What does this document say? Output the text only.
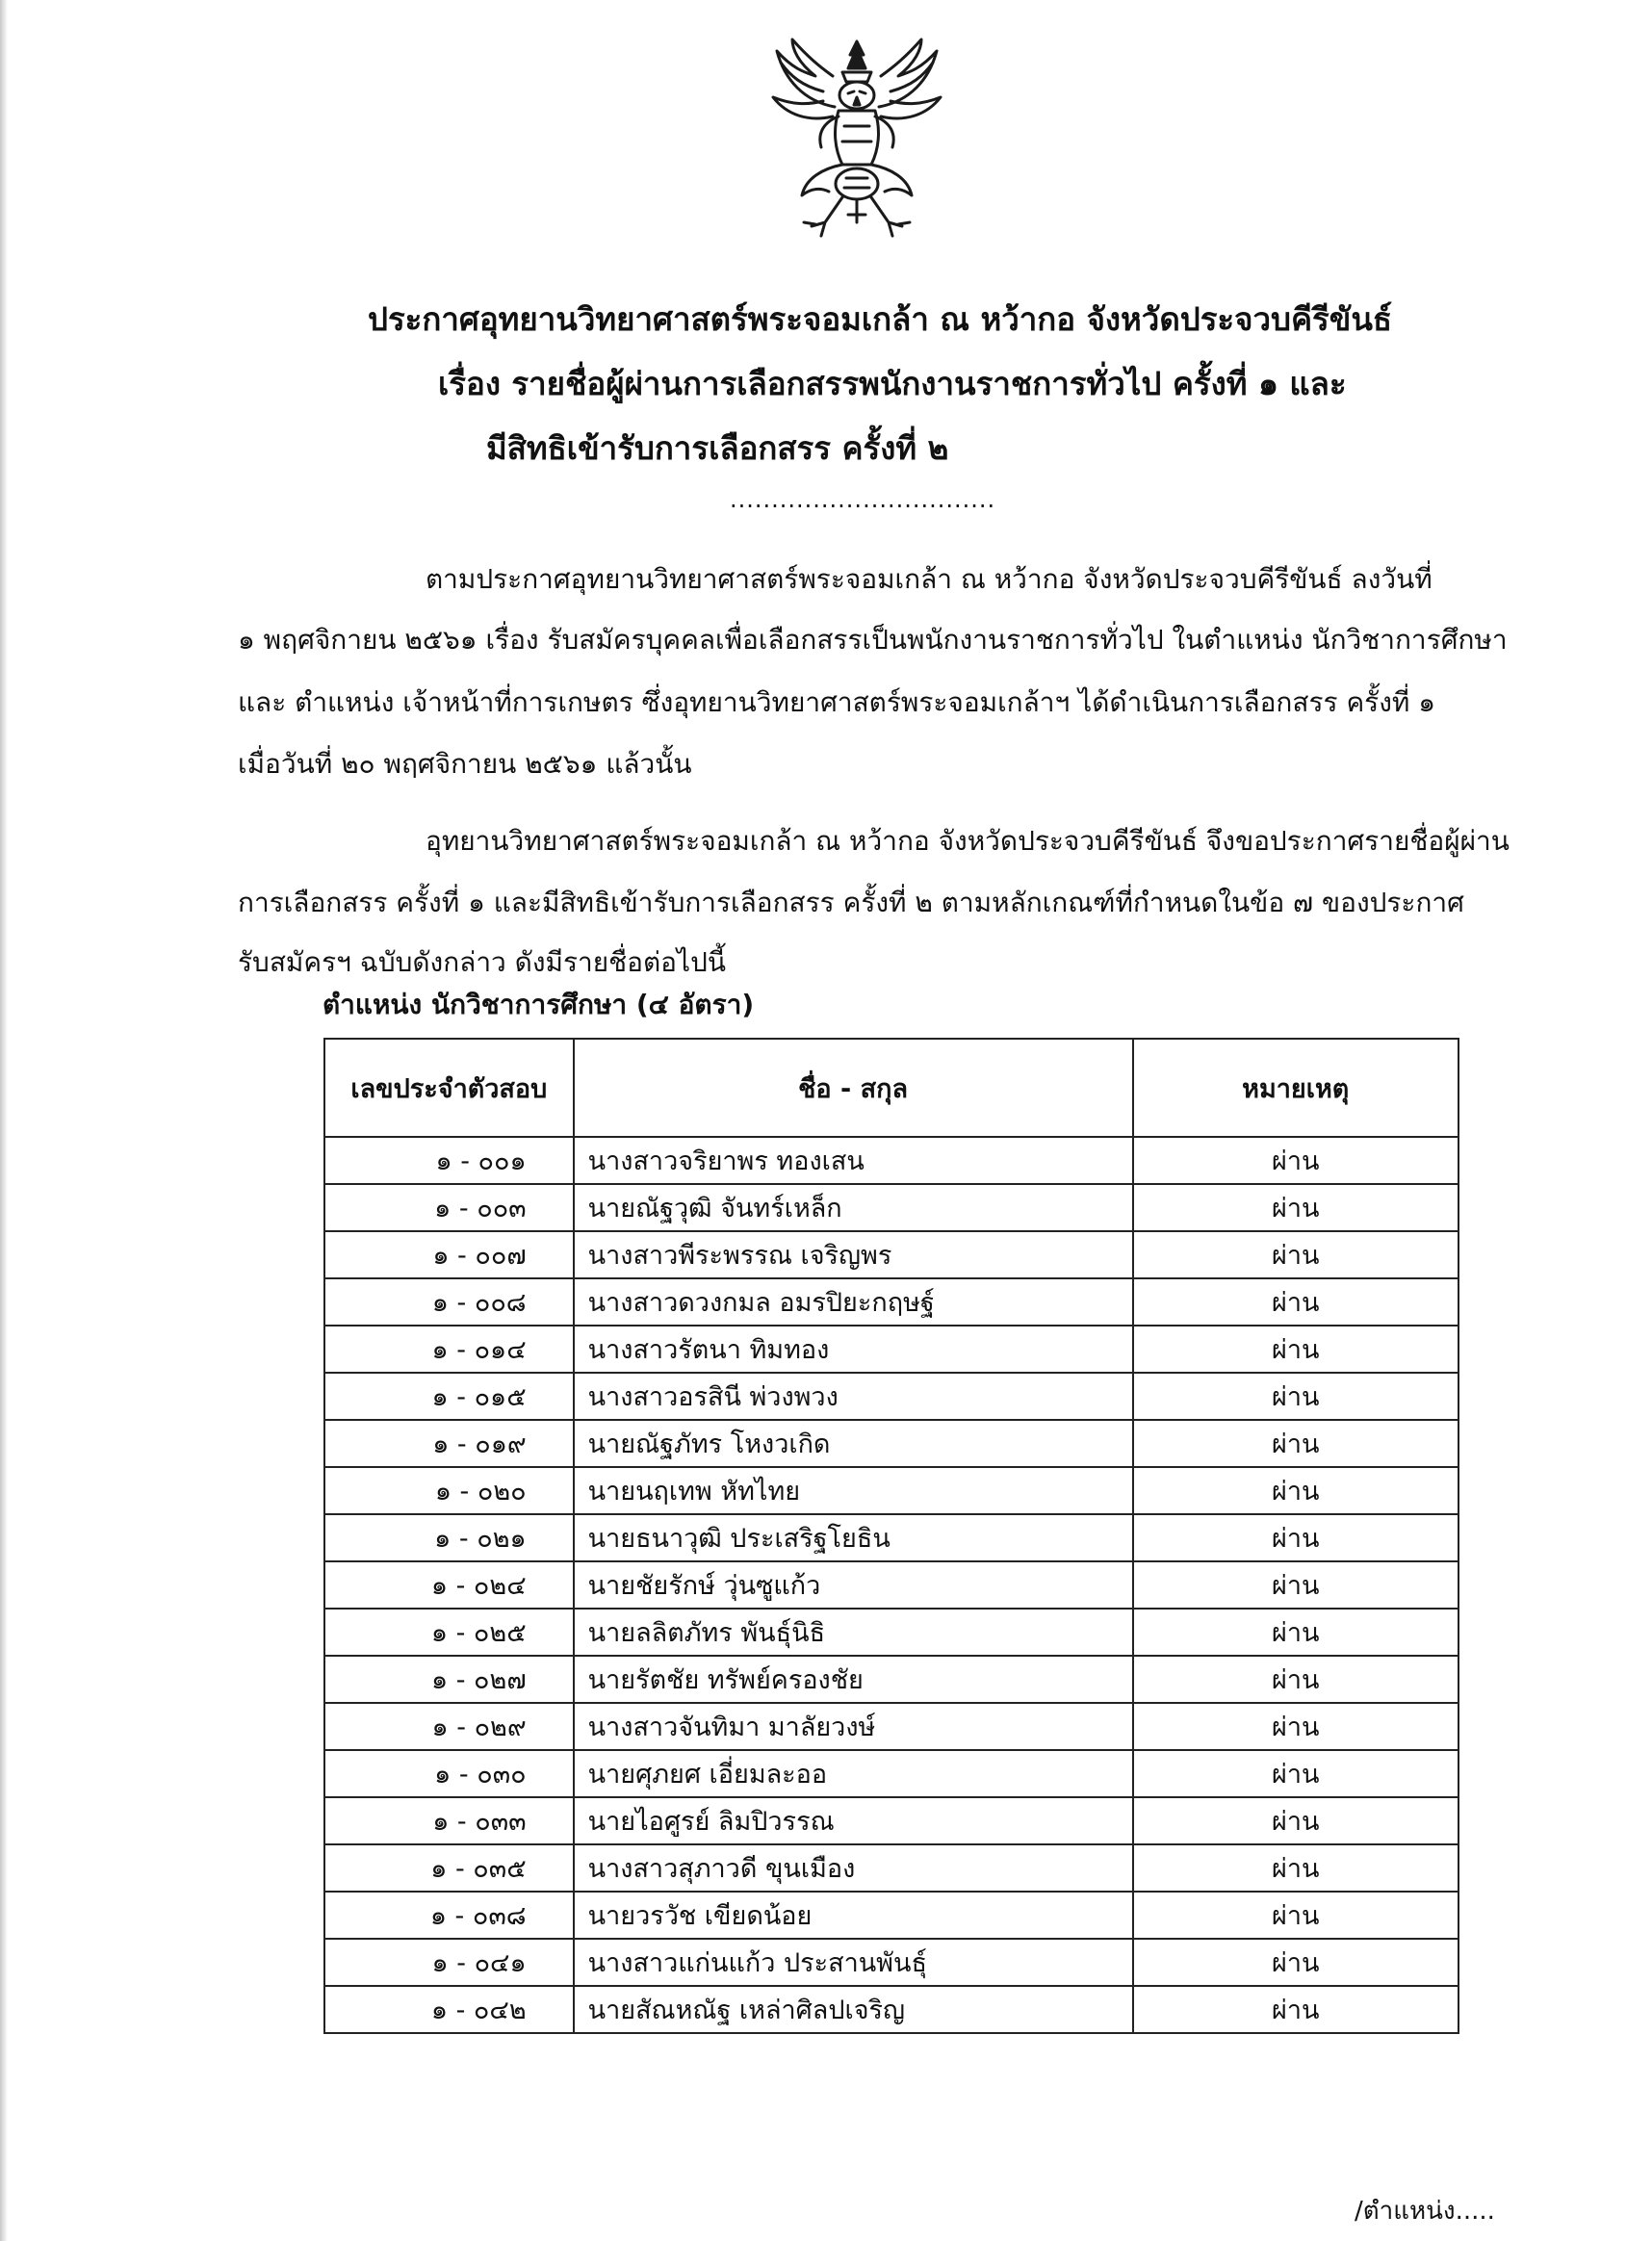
ประกาศอุทยานวิทยาศาสตร์พระจอมเกล้า ณ หว้ากอ จังหวัดประจวบคีรีขันธ์
เรื่อง รายชื่อผู้ผ่านการเลือกสรรพนักงานราชการทั่วไป ครั้งที่ ๑ และ
มีสิทธิเข้ารับการเลือกสรร ครั้งที่ ๒
................................
ตามประกาศอุทยานวิทยาศาสตร์พระจอมเกล้า ณ หว้ากอ จังหวัดประจวบคีรีขันธ์ ลงวันที่
๑ พฤศจิกายน ๒๕๖๑ เรื่อง รับสมัครบุคคลเพื่อเลือกสรรเป็นพนักงานราชการทั่วไป ในตำแหน่ง นักวิชาการศึกษา
และ ตำแหน่ง เจ้าหน้าที่การเกษตร ซึ่งอุทยานวิทยาศาสตร์พระจอมเกล้าฯ ได้ดำเนินการเลือกสรร ครั้งที่ ๑
เมื่อวันที่ ๒๐ พฤศจิกายน ๒๕๖๑ แล้วนั้น
อุทยานวิทยาศาสตร์พระจอมเกล้า ณ หว้ากอ จังหวัดประจวบคีรีขันธ์ จึงขอประกาศรายชื่อผู้ผ่าน
การเลือกสรร ครั้งที่ ๑ และมีสิทธิเข้ารับการเลือกสรร ครั้งที่ ๒ ตามหลักเกณฑ์ที่กำหนดในข้อ ๗ ของประกาศ
รับสมัครฯ ฉบับดังกล่าว ดังมีรายชื่อต่อไปนี้
ตำแหน่ง นักวิชาการศึกษา (๔ อัตรา)
เลขประจำตัวสอบ	ชื่อ - สกุล	หมายเหตุ
๑ - ๐๐๑	นางสาวจริยาพร ทองเสน	ผ่าน
๑ - ๐๐๓	นายณัฐวุฒิ จันทร์เหล็ก	ผ่าน
๑ - ๐๐๗	นางสาวพีระพรรณ เจริญพร	ผ่าน
๑ - ๐๐๘	นางสาวดวงกมล อมรปิยะกฤษฐ์	ผ่าน
๑ - ๐๑๔	นางสาวรัตนา ทิมทอง	ผ่าน
๑ - ๐๑๕	นางสาวอรสินี พ่วงพวง	ผ่าน
๑ - ๐๑๙	นายณัฐภัทร โหงวเกิด	ผ่าน
๑ - ๐๒๐	นายนฤเทพ หัทไทย	ผ่าน
๑ - ๐๒๑	นายธนาวุฒิ ประเสริฐโยธิน	ผ่าน
๑ - ๐๒๔	นายชัยรักษ์ วุ่นซูแก้ว	ผ่าน
๑ - ๐๒๕	นายลลิตภัทร พันธุ์นิธิ	ผ่าน
๑ - ๐๒๗	นายรัตชัย ทรัพย์ครองชัย	ผ่าน
๑ - ๐๒๙	นางสาวจันทิมา มาลัยวงษ์	ผ่าน
๑ - ๐๓๐	นายศุภยศ เอี่ยมละออ	ผ่าน
๑ - ๐๓๓	นายไอศูรย์ ลิมปิวรรณ	ผ่าน
๑ - ๐๓๕	นางสาวสุภาวดี ขุนเมือง	ผ่าน
๑ - ๐๓๘	นายวรวัช เขียดน้อย	ผ่าน
๑ - ๐๔๑	นางสาวแก่นแก้ว ประสานพันธุ์	ผ่าน
๑ - ๐๔๒	นายสัณหณัฐ เหล่าศิลปเจริญ	ผ่าน
/ตำแหน่ง.....
